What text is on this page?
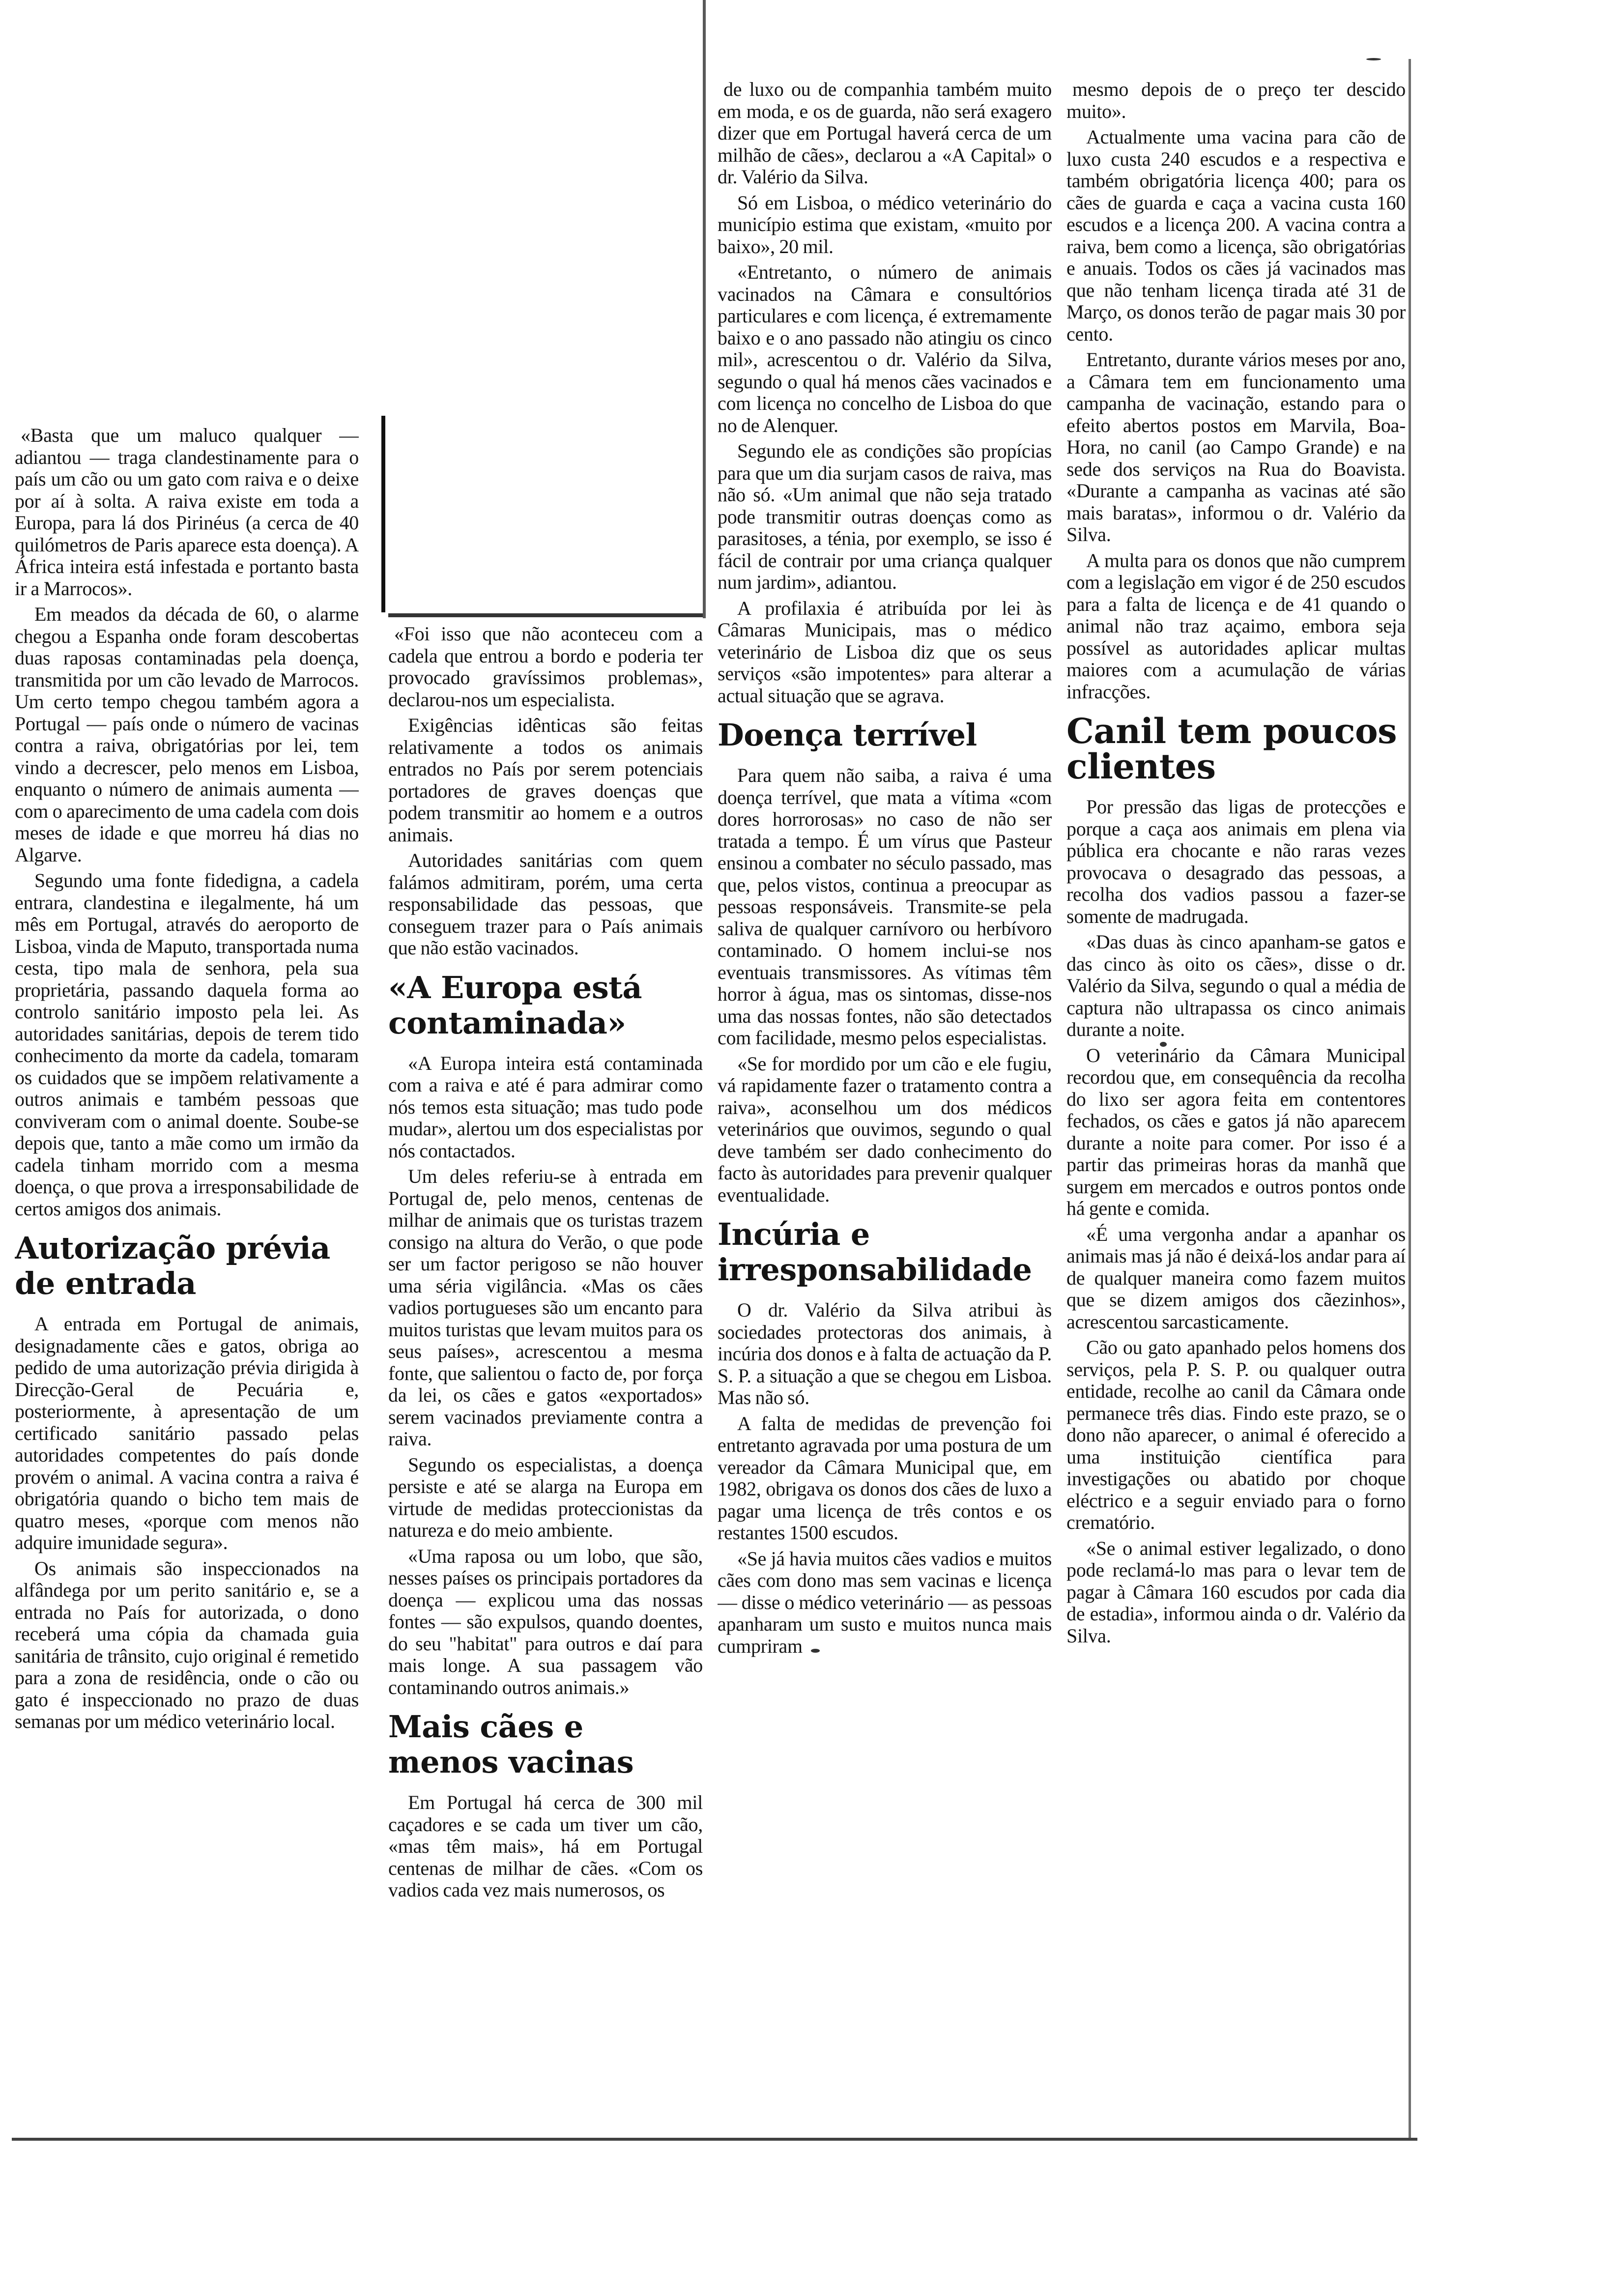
«Basta que um maluco qualquer — adiantou — traga clandestinamente para o país um cão ou um gato com raiva e o deixe por aí à solta. A raiva existe em toda a Europa, para lá dos Pirinéus (a cerca de 40 quilómetros de Paris aparece esta doença). A África inteira está infestada e portanto basta ir a Marrocos».

Em meados da década de 60, o alarme chegou a Espanha onde foram descobertas duas raposas contaminadas pela doença, transmitida por um cão levado de Marrocos. Um certo tempo chegou também agora a Portugal — país onde o número de vacinas contra a raiva, obrigatórias por lei, tem vindo a decrescer, pelo menos em Lisboa, enquanto o número de animais aumenta — com o aparecimento de uma cadela com dois meses de idade e que morreu há dias no Algarve.

Segundo uma fonte fidedigna, a cadela entrara, clandestina e ilegalmente, há um mês em Portugal, através do aeroporto de Lisboa, vinda de Maputo, transportada numa cesta, tipo mala de senhora, pela sua proprietária, passando daquela forma ao controlo sanitário imposto pela lei. As autoridades sanitárias, depois de terem tido conhecimento da morte da cadela, tomaram os cuidados que se impõem relativamente a outros animais e também pessoas que conviveram com o animal doente. Soube-se depois que, tanto a mãe como um irmão da cadela tinham morrido com a mesma doença, o que prova a irresponsabilidade de certos amigos dos animais.

Autorização prévia de entrada

A entrada em Portugal de animais, designadamente cães e gatos, obriga ao pedido de uma autorização prévia dirigida à Direcção-Geral de Pecuária e, posteriormente, à apresentação de um certificado sanitário passado pelas autoridades competentes do país donde provém o animal. A vacina contra a raiva é obrigatória quando o bicho tem mais de quatro meses, «porque com menos não adquire imunidade segura».

Os animais são inspeccionados na alfândega por um perito sanitário e, se a entrada no País for autorizada, o dono receberá uma cópia da chamada guia sanitária de trânsito, cujo original é remetido para a zona de residência, onde o cão ou gato é inspeccionado no prazo de duas semanas por um médico veterinário local.

«Foi isso que não aconteceu com a cadela que entrou a bordo e poderia ter provocado gravíssimos problemas», declarou-nos um especialista.

Exigências idênticas são feitas relativamente a todos os animais entrados no País por serem potenciais portadores de graves doenças que podem transmitir ao homem e a outros animais.

Autoridades sanitárias com quem falámos admitiram, porém, uma certa responsabilidade das pessoas, que conseguem trazer para o País animais que não estão vacinados.

«A Europa está contaminada»

«A Europa inteira está contaminada com a raiva e até é para admirar como nós temos esta situação; mas tudo pode mudar», alertou um dos especialistas por nós contactados.

Um deles referiu-se à entrada em Portugal de, pelo menos, centenas de milhar de animais que os turistas trazem consigo na altura do Verão, o que pode ser um factor perigoso se não houver uma séria vigilância. «Mas os cães vadios portugueses são um encanto para muitos turistas que levam muitos para os seus países», acrescentou a mesma fonte, que salientou o facto de, por força da lei, os cães e gatos «exportados» serem vacinados previamente contra a raiva.

Segundo os especialistas, a doença persiste e até se alarga na Europa em virtude de medidas proteccionistas da natureza e do meio ambiente.

«Uma raposa ou um lobo, que são, nesses países os principais portadores da doença — explicou uma das nossas fontes — são expulsos, quando doentes, do seu "habitat" para outros e daí para mais longe. A sua passagem vão contaminando outros animais.»

Mais cães e menos vacinas

Em Portugal há cerca de 300 mil caçadores e se cada um tiver um cão, «mas têm mais», há em Portugal centenas de milhar de cães. «Com os vadios cada vez mais numerosos, os

de luxo ou de companhia também muito em moda, e os de guarda, não será exagero dizer que em Portugal haverá cerca de um milhão de cães», declarou a «A Capital» o dr. Valério da Silva.

Só em Lisboa, o médico veterinário do município estima que existam, «muito por baixo», 20 mil.

«Entretanto, o número de animais vacinados na Câmara e consultórios particulares e com licença, é extremamente baixo e o ano passado não atingiu os cinco mil», acrescentou o dr. Valério da Silva, segundo o qual há menos cães vacinados e com licença no concelho de Lisboa do que no de Alenquer.

Segundo ele as condições são propícias para que um dia surjam casos de raiva, mas não só. «Um animal que não seja tratado pode transmitir outras doenças como as parasitoses, a ténia, por exemplo, se isso é fácil de contrair por uma criança qualquer num jardim», adiantou.

A profilaxia é atribuída por lei às Câmaras Municipais, mas o médico veterinário de Lisboa diz que os seus serviços «são impotentes» para alterar a actual situação que se agrava.

Doença terrível

Para quem não saiba, a raiva é uma doença terrível, que mata a vítima «com dores horrorosas» no caso de não ser tratada a tempo. É um vírus que Pasteur ensinou a combater no século passado, mas que, pelos vistos, continua a preocupar as pessoas responsáveis. Transmite-se pela saliva de qualquer carnívoro ou herbívoro contaminado. O homem inclui-se nos eventuais transmissores. As vítimas têm horror à água, mas os sintomas, disse-nos uma das nossas fontes, não são detectados com facilidade, mesmo pelos especialistas.

«Se for mordido por um cão e ele fugiu, vá rapidamente fazer o tratamento contra a raiva», aconselhou um dos médicos veterinários que ouvimos, segundo o qual deve também ser dado conhecimento do facto às autoridades para prevenir qualquer eventualidade.

Incúria e irresponsabilidade

O dr. Valério da Silva atribui às sociedades protectoras dos animais, à incúria dos donos e à falta de actuação da P. S. P. a situação a que se chegou em Lisboa. Mas não só.

A falta de medidas de prevenção foi entretanto agravada por uma postura de um vereador da Câmara Municipal que, em 1982, obrigava os donos dos cães de luxo a pagar uma licença de três contos e os restantes 1500 escudos.

«Se já havia muitos cães vadios e muitos cães com dono mas sem vacinas e licença — disse o médico veterinário — as pessoas apanharam um susto e muitos nunca mais cumpriram

mesmo depois de o preço ter descido muito».

Actualmente uma vacina para cão de luxo custa 240 escudos e a respectiva e também obrigatória licença 400; para os cães de guarda e caça a vacina custa 160 escudos e a licença 200. A vacina contra a raiva, bem como a licença, são obrigatórias e anuais. Todos os cães já vacinados mas que não tenham licença tirada até 31 de Março, os donos terão de pagar mais 30 por cento.

Entretanto, durante vários meses por ano, a Câmara tem em funcionamento uma campanha de vacinação, estando para o efeito abertos postos em Marvila, Boa-Hora, no canil (ao Campo Grande) e na sede dos serviços na Rua do Boavista. «Durante a campanha as vacinas até são mais baratas», informou o dr. Valério da Silva.

A multa para os donos que não cumprem com a legislação em vigor é de 250 escudos para a falta de licença e de 41 quando o animal não traz açaimo, embora seja possível as autoridades aplicar multas maiores com a acumulação de várias infracções.

Canil tem poucos clientes

Por pressão das ligas de protecções e porque a caça aos animais em plena via pública era chocante e não raras vezes provocava o desagrado das pessoas, a recolha dos vadios passou a fazer-se somente de madrugada.

«Das duas às cinco apanham-se gatos e das cinco às oito os cães», disse o dr. Valério da Silva, segundo o qual a média de captura não ultrapassa os cinco animais durante a noite.

O veterinário da Câmara Municipal recordou que, em consequência da recolha do lixo ser agora feita em contentores fechados, os cães e gatos já não aparecem durante a noite para comer. Por isso é a partir das primeiras horas da manhã que surgem em mercados e outros pontos onde há gente e comida.

«É uma vergonha andar a apanhar os animais mas já não é deixá-los andar para aí de qualquer maneira como fazem muitos que se dizem amigos dos cãezinhos», acrescentou sarcasticamente.

Cão ou gato apanhado pelos homens dos serviços, pela P. S. P. ou qualquer outra entidade, recolhe ao canil da Câmara onde permanece três dias. Findo este prazo, se o dono não aparecer, o animal é oferecido a uma instituição científica para investigações ou abatido por choque eléctrico e a seguir enviado para o forno crematório.

«Se o animal estiver legalizado, o dono pode reclamá-lo mas para o levar tem de pagar à Câmara 160 escudos por cada dia de estadia», informou ainda o dr. Valério da Silva.
